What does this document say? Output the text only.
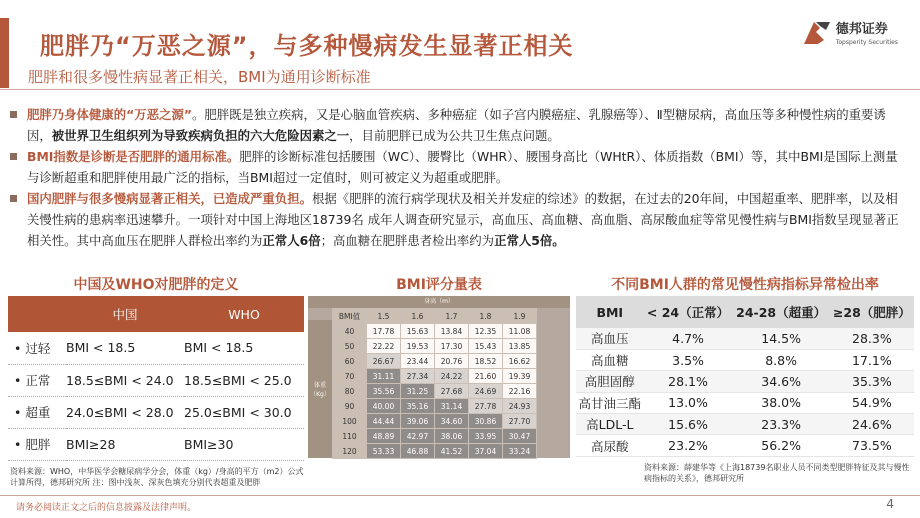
肥胖乃“万恶之源”，与多种慢病发生显著正相关
肥胖和很多慢性病显著正相关，BMI为通用诊断标准
德邦证券
Topsperity Securities
肥胖乃身体健康的“万恶之源”。肥胖既是独立疾病，又是心脑血管疾病、多种癌症（如子宫内膜癌症、乳腺癌等）、Ⅱ型糖尿病，高血压等多种慢性病的重要诱因，被世界卫生组织列为导致疾病负担的六大危险因素之一，目前肥胖已成为公共卫生焦点问题。
BMI指数是诊断是否肥胖的通用标准。肥胖的诊断标准包括腰围（WC）、腰臀比（WHR）、腰围身高比（WHtR）、体质指数（BMI）等，其中BMI是国际上测量与诊断超重和肥胖使用最广泛的指标，当BMI超过一定值时，则可被定义为超重或肥胖。
国内肥胖与很多慢病显著正相关，已造成严重负担。根据《肥胖的流行病学现状及相关并发症的综述》的数据，在过去的20年间，中国超重率、肥胖率，以及相关慢性病的患病率迅速攀升。一项针对中国上海地区18739名 成年人调查研究显示，高血压、高血糖、高血脂、高尿酸血症等常见慢性病与BMI指数呈现显著正相关性。其中高血压在肥胖人群检出率约为正常人6倍；高血糖在肥胖患者检出率约为正常人5倍。
中国及WHO对肥胖的定义	BMI评分量表	不同BMI人群的常见慢性病指标异常检出率
	中国	WHO
• 过轻	BMI < 18.5	BMI < 18.5
• 正常	18.5≤BMI < 24.0	18.5≤BMI < 25.0
• 超重	24.0≤BMI < 28.0	25.0≤BMI < 30.0
• 肥胖	BMI≥28	BMI≥30
身高（m）
体重（Kg）
BMI值	1.5	1.6	1.7	1.8	1.9
40	17.78	15.63	13.84	12.35	11.08
50	22.22	19.53	17.30	15.43	13.85
60	26.67	23.44	20.76	18.52	16.62
70	31.11	27.34	24.22	21.60	19.39
80	35.56	31.25	27.68	24.69	22.16
90	40.00	35.16	31.14	27.78	24.93
100	44.44	39.06	34.60	30.86	27.70
110	48.89	42.97	38.06	33.95	30.47
120	53.33	46.88	41.52	37.04	33.24
BMI	< 24（正常）	24-28（超重）	≥28（肥胖）
高血压	4.7%	14.5%	28.3%
高血糖	3.5%	8.8%	17.1%
高胆固醇	28.1%	34.6%	35.3%
高甘油三酯	13.0%	38.0%	54.9%
高LDL-L	15.6%	23.3%	24.6%
高尿酸	23.2%	56.2%	73.5%
资料来源：WHO，中华医学会糖尿病学分会，体重（kg）/身高的平方（m2）公式计算所得，德邦研究所 注：图中浅灰、深灰色填充分别代表超重及肥胖
资料来源：薛建华等《上海18739名职业人员不同类型肥胖特征及其与慢性病指标的关系》，德邦研究所
请务必阅读正文之后的信息披露及法律声明。	4
